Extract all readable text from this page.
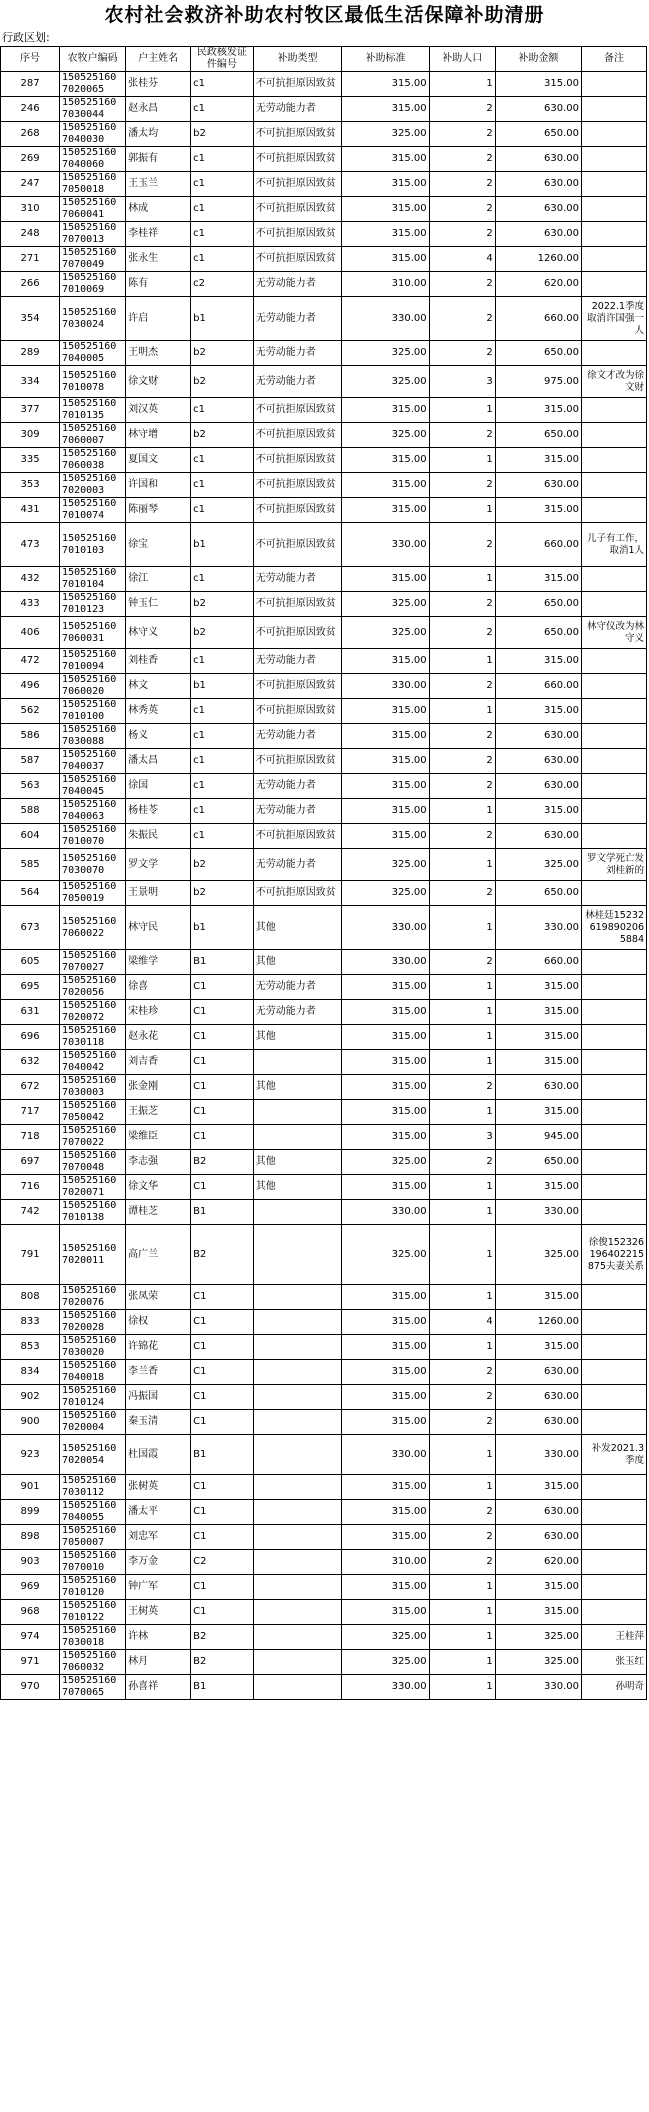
农村社会救济补助农村牧区最低生活保障补助清册
行政区划:
序号	农牧户编码	户主姓名	民政核发证件编号	补助类型	补助标准	补助人口	补助金额	备注
287	150525160 7020065	张桂芬	c1	不可抗拒原因致贫	315.00	1	315.00	
246	150525160 7030044	赵永昌	c1	无劳动能力者	315.00	2	630.00	
268	150525160 7040030	潘太均	b2	不可抗拒原因致贫	325.00	2	650.00	
269	150525160 7040060	郭振有	c1	不可抗拒原因致贫	315.00	2	630.00	
247	150525160 7050018	王玉兰	c1	不可抗拒原因致贫	315.00	2	630.00	
310	150525160 7060041	林成	c1	不可抗拒原因致贫	315.00	2	630.00	
248	150525160 7070013	李桂祥	c1	不可抗拒原因致贫	315.00	2	630.00	
271	150525160 7070049	张永生	c1	不可抗拒原因致贫	315.00	4	1260.00	
266	150525160 7010069	陈有	c2	无劳动能力者	310.00	2	620.00	
354	150525160 7030024	许启	b1	无劳动能力者	330.00	2	660.00	2022.1季度取消许国强一人
289	150525160 7040005	王明杰	b2	无劳动能力者	325.00	2	650.00	
334	150525160 7010078	徐文财	b2	无劳动能力者	325.00	3	975.00	徐文才改为徐文财
377	150525160 7010135	刘汉英	c1	不可抗拒原因致贫	315.00	1	315.00	
309	150525160 7060007	林守增	b2	不可抗拒原因致贫	325.00	2	650.00	
335	150525160 7060038	夏国文	c1	不可抗拒原因致贫	315.00	1	315.00	
353	150525160 7020003	许国和	c1	不可抗拒原因致贫	315.00	2	630.00	
431	150525160 7010074	陈丽琴	c1	不可抗拒原因致贫	315.00	1	315.00	
473	150525160 7010103	徐宝	b1	不可抗拒原因致贫	330.00	2	660.00	儿子有工作，取消1人
432	150525160 7010104	徐江	c1	无劳动能力者	315.00	1	315.00	
433	150525160 7010123	钟玉仁	b2	不可抗拒原因致贫	325.00	2	650.00	
406	150525160 7060031	林守义	b2	不可抗拒原因致贫	325.00	2	650.00	林守仪改为林守义
472	150525160 7010094	刘桂香	c1	无劳动能力者	315.00	1	315.00	
496	150525160 7060020	林文	b1	不可抗拒原因致贫	330.00	2	660.00	
562	150525160 7010100	林秀英	c1	不可抗拒原因致贫	315.00	1	315.00	
586	150525160 7030088	杨义	c1	无劳动能力者	315.00	2	630.00	
587	150525160 7040037	潘太昌	c1	不可抗拒原因致贫	315.00	2	630.00	
563	150525160 7040045	徐国	c1	无劳动能力者	315.00	2	630.00	
588	150525160 7040063	杨桂苓	c1	无劳动能力者	315.00	1	315.00	
604	150525160 7010070	朱振民	c1	不可抗拒原因致贫	315.00	2	630.00	
585	150525160 7030070	罗文学	b2	无劳动能力者	325.00	1	325.00	罗文学死亡发刘桂新的
564	150525160 7050019	王景明	b2	不可抗拒原因致贫	325.00	2	650.00	
673	150525160 7060022	林守民	b1	其他	330.00	1	330.00	林桂廷152326198902065884
605	150525160 7070027	梁维学	B1	其他	330.00	2	660.00	
695	150525160 7020056	徐喜	C1	无劳动能力者	315.00	1	315.00	
631	150525160 7020072	宋桂珍	C1	无劳动能力者	315.00	1	315.00	
696	150525160 7030118	赵永花	C1	其他	315.00	1	315.00	
632	150525160 7040042	刘吉香	C1		315.00	1	315.00	
672	150525160 7030003	张金刚	C1	其他	315.00	2	630.00	
717	150525160 7050042	王振芝	C1		315.00	1	315.00	
718	150525160 7070022	梁维臣	C1		315.00	3	945.00	
697	150525160 7070048	李志强	B2	其他	325.00	2	650.00	
716	150525160 7020071	徐文华	C1	其他	315.00	1	315.00	
742	150525160 7010138	谭桂芝	B1		330.00	1	330.00	
791	150525160 7020011	高广兰	B2		325.00	1	325.00	徐俊152326196402215875夫妻关系
808	150525160 7020076	张凤荣	C1		315.00	1	315.00	
833	150525160 7020028	徐权	C1		315.00	4	1260.00	
853	150525160 7030020	许锦花	C1		315.00	1	315.00	
834	150525160 7040018	李兰香	C1		315.00	2	630.00	
902	150525160 7010124	冯振国	C1		315.00	2	630.00	
900	150525160 7020004	秦玉清	C1		315.00	2	630.00	
923	150525160 7020054	杜国霞	B1		330.00	1	330.00	补发2021.3季度
901	150525160 7030112	张树英	C1		315.00	1	315.00	
899	150525160 7040055	潘太平	C1		315.00	2	630.00	
898	150525160 7050007	刘忠军	C1		315.00	2	630.00	
903	150525160 7070010	李万金	C2		310.00	2	620.00	
969	150525160 7010120	钟广军	C1		315.00	1	315.00	
968	150525160 7010122	王树英	C1		315.00	1	315.00	
974	150525160 7030018	许林	B2		325.00	1	325.00	王桂萍
971	150525160 7060032	林月	B2		325.00	1	325.00	张玉红
970	150525160 7070065	孙喜祥	B1		330.00	1	330.00	孙明奇
